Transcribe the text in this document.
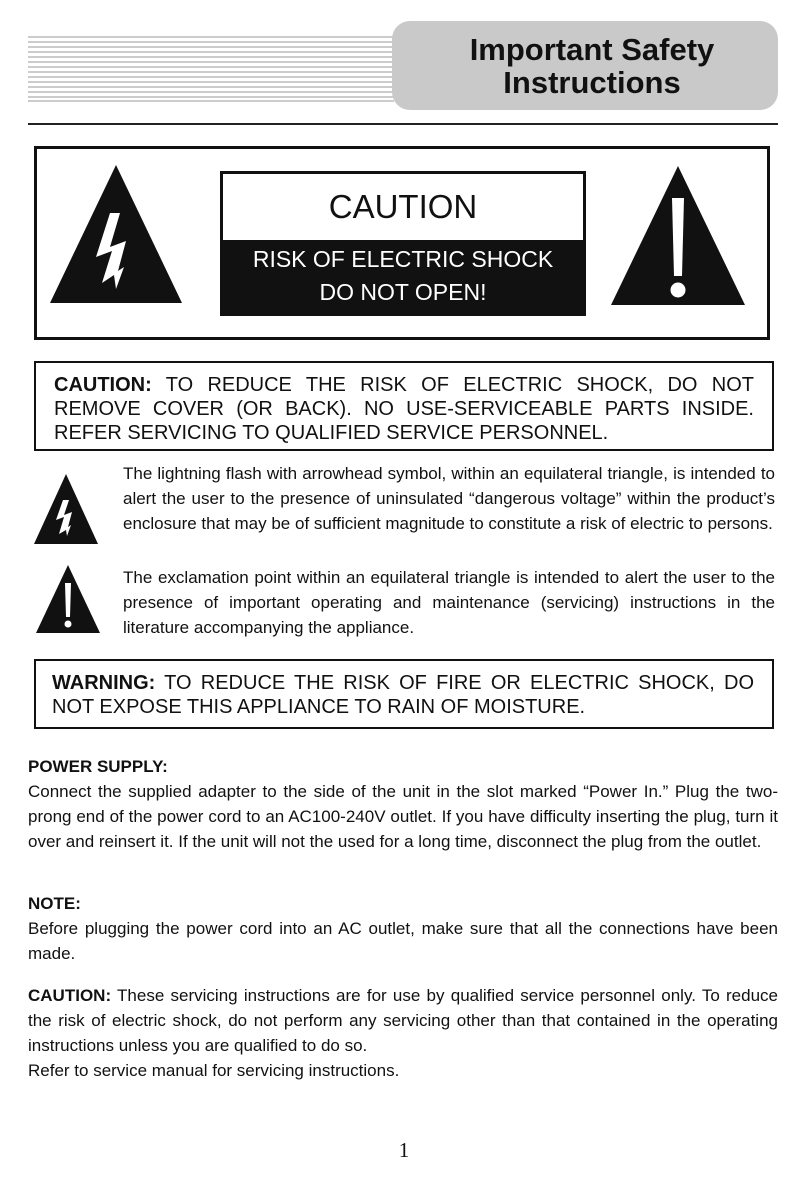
Important Safety
Instructions
CAUTION
RISK OF ELECTRIC SHOCK
DO NOT OPEN!
CAUTION: TO REDUCE THE RISK OF ELECTRIC SHOCK, DO NOT REMOVE COVER (OR BACK). NO USE-SERVICEABLE PARTS INSIDE. REFER SERVICING TO QUALIFIED SERVICE PERSONNEL.
The lightning flash with arrowhead symbol, within an equilateral triangle, is intended to alert the user to the presence of uninsulated “dangerous voltage” within the product’s enclosure that may be of sufficient magnitude to constitute a risk of electric to persons.
The exclamation point within an equilateral triangle is intended to alert the user to the presence of important operating and maintenance (servicing) instructions in the literature accompanying the appliance.
WARNING: TO REDUCE THE RISK OF FIRE OR ELECTRIC SHOCK, DO NOT EXPOSE THIS APPLIANCE TO RAIN OF MOISTURE.
POWER SUPPLY:
Connect the supplied adapter to the side of the unit in the slot marked “Power In.” Plug the two-prong end of the power cord to an AC100-240V outlet. If you have difficulty inserting the plug, turn it over and reinsert it. If the unit will not the used for a long time, disconnect the plug from the outlet.
NOTE:
Before plugging the power cord into an AC outlet, make sure that all the connections have been made.
CAUTION: These servicing instructions are for use by qualified service personnel only. To reduce the risk of electric shock, do not perform any servicing other than that contained in the operating instructions unless you are qualified to do so.
Refer to service manual for servicing instructions.
1
